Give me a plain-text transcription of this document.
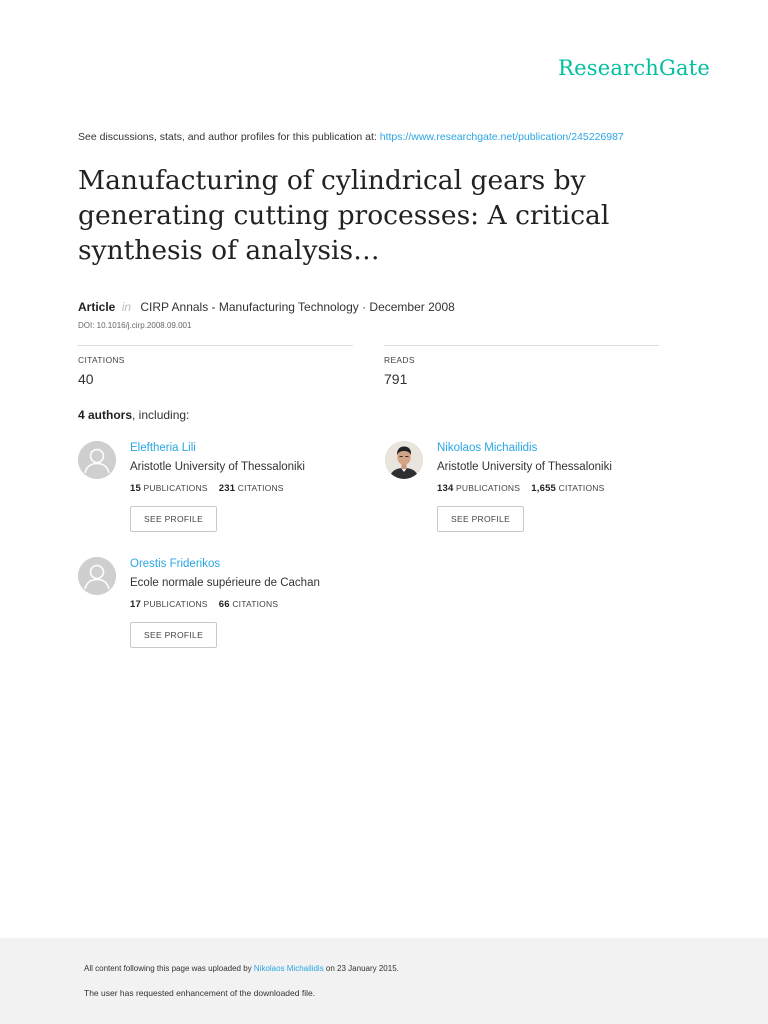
ResearchGate
See discussions, stats, and author profiles for this publication at: https://www.researchgate.net/publication/245226987
Manufacturing of cylindrical gears by generating cutting processes: A critical synthesis of analysis…
Article in CIRP Annals - Manufacturing Technology · December 2008
DOI: 10.1016/j.cirp.2008.09.001
CITATIONS
40
READS
791
4 authors, including:
Eleftheria Lili
Aristotle University of Thessaloniki
15 PUBLICATIONS 231 CITATIONS
SEE PROFILE
Nikolaos Michailidis
Aristotle University of Thessaloniki
134 PUBLICATIONS 1,655 CITATIONS
SEE PROFILE
Orestis Friderikos
Ecole normale supérieure de Cachan
17 PUBLICATIONS 66 CITATIONS
SEE PROFILE
All content following this page was uploaded by Nikolaos Michailidis on 23 January 2015.
The user has requested enhancement of the downloaded file.
